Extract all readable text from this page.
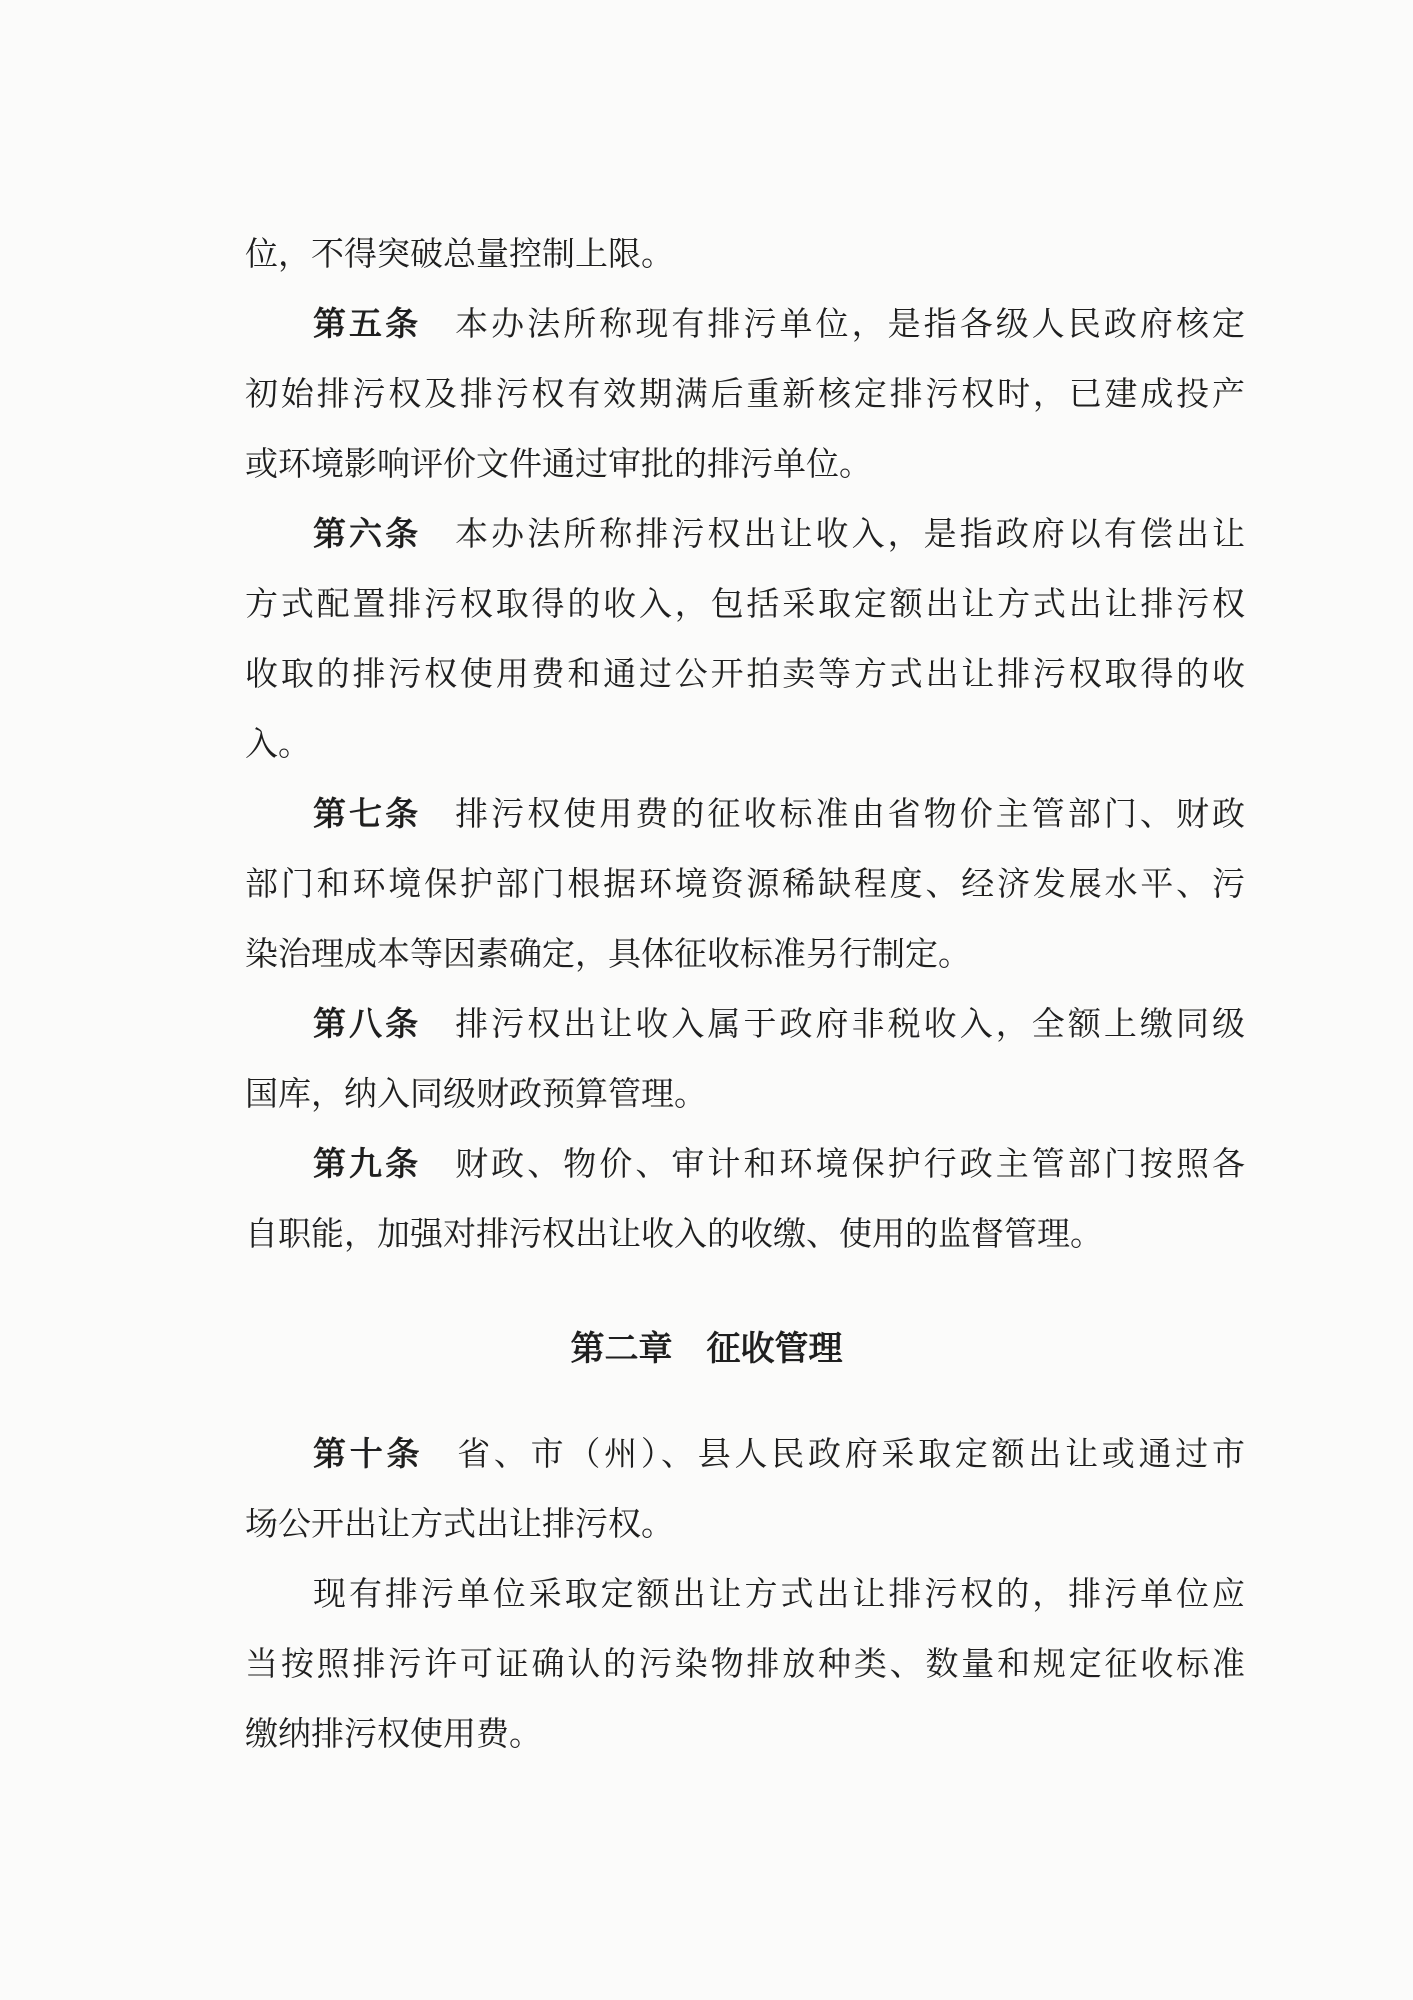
位，不得突破总量控制上限。
第五条 本办法所称现有排污单位，是指各级人民政府核定
初始排污权及排污权有效期满后重新核定排污权时，已建成投产
或环境影响评价文件通过审批的排污单位。
第六条 本办法所称排污权出让收入，是指政府以有偿出让
方式配置排污权取得的收入，包括采取定额出让方式出让排污权
收取的排污权使用费和通过公开拍卖等方式出让排污权取得的收
入。
第七条 排污权使用费的征收标准由省物价主管部门、财政
部门和环境保护部门根据环境资源稀缺程度、经济发展水平、污
染治理成本等因素确定，具体征收标准另行制定。
第八条 排污权出让收入属于政府非税收入，全额上缴同级
国库，纳入同级财政预算管理。
第九条 财政、物价、审计和环境保护行政主管部门按照各
自职能，加强对排污权出让收入的收缴、使用的监督管理。
第二章 征收管理
第十条 省、市（州）、县人民政府采取定额出让或通过市
场公开出让方式出让排污权。
现有排污单位采取定额出让方式出让排污权的，排污单位应
当按照排污许可证确认的污染物排放种类、数量和规定征收标准
缴纳排污权使用费。
